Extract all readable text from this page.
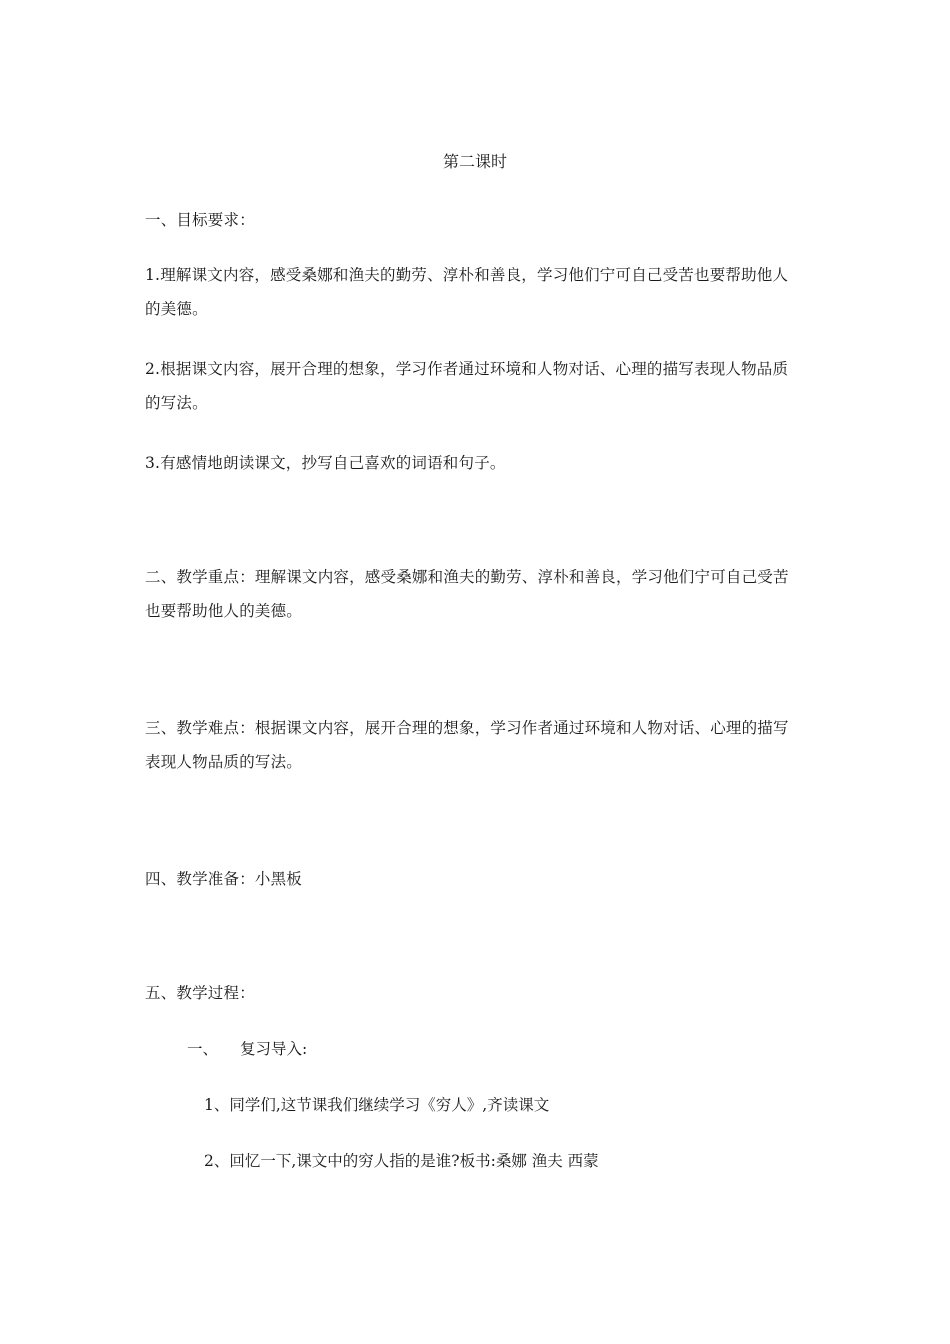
第二课时
一、目标要求：
1.理解课文内容，感受桑娜和渔夫的勤劳、淳朴和善良，学习他们宁可自己受苦也要帮助他人的美德。
2.根据课文内容，展开合理的想象，学习作者通过环境和人物对话、心理的描写表现人物品质的写法。
3.有感情地朗读课文，抄写自己喜欢的词语和句子。
二、教学重点：理解课文内容，感受桑娜和渔夫的勤劳、淳朴和善良，学习他们宁可自己受苦也要帮助他人的美德。
三、教学难点：根据课文内容，展开合理的想象，学习作者通过环境和人物对话、心理的描写表现人物品质的写法。
四、教学准备：小黑板
五、教学过程：
一、 复习导入:
1、同学们,这节课我们继续学习《穷人》,齐读课文
2、回忆一下,课文中的穷人指的是谁?板书:桑娜 渔夫 西蒙
